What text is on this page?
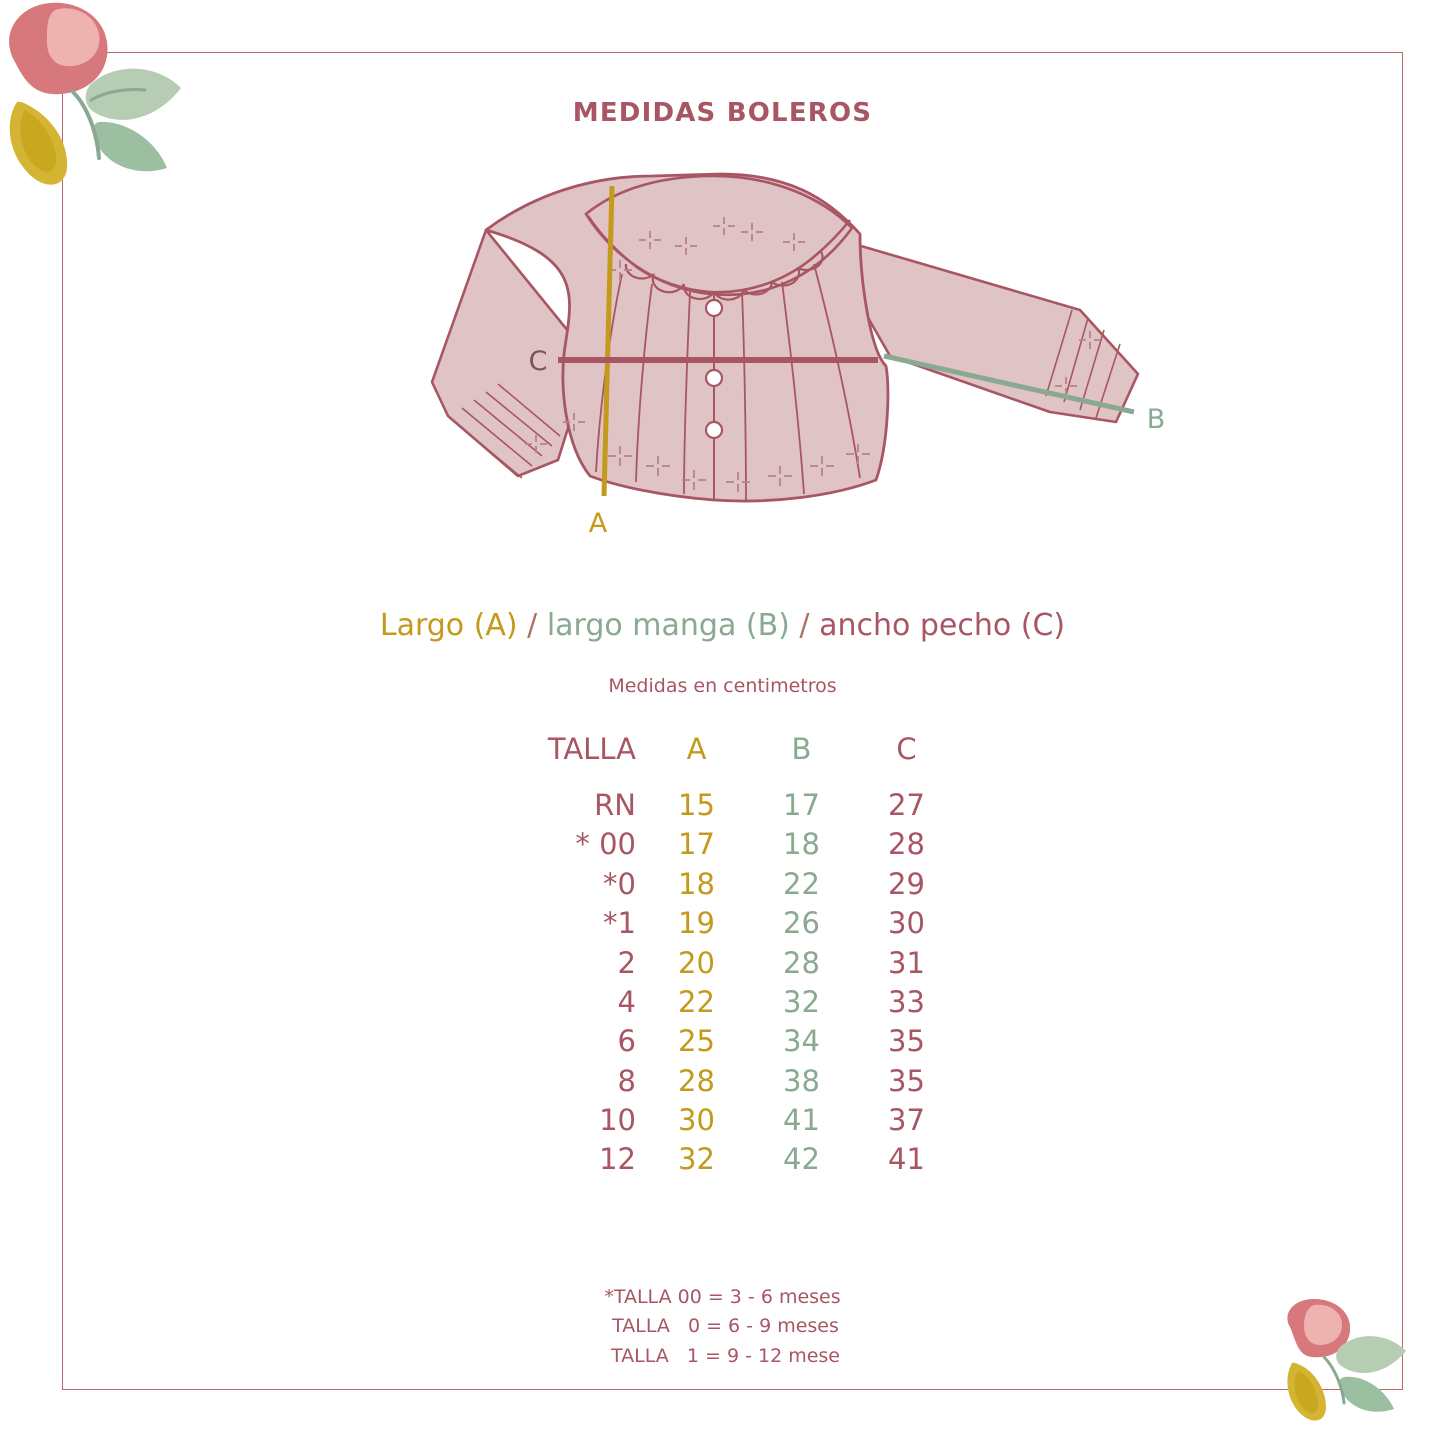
MEDIDAS BOLEROS
A
C
B
Largo (A) / largo manga (B) / ancho pecho (C)
Medidas en centimetros
TALLA	A	B	C
RN	15	17	27
* 00	17	18	28
*0	18	22	29
*1	19	26	30
2	20	28	31
4	22	32	33
6	25	34	35
8	28	38	35
10	30	41	37
12	32	42	41
*TALLA 00 = 3 - 6 meses
TALLA   0 = 6 - 9 meses
TALLA   1 = 9 - 12 mese
